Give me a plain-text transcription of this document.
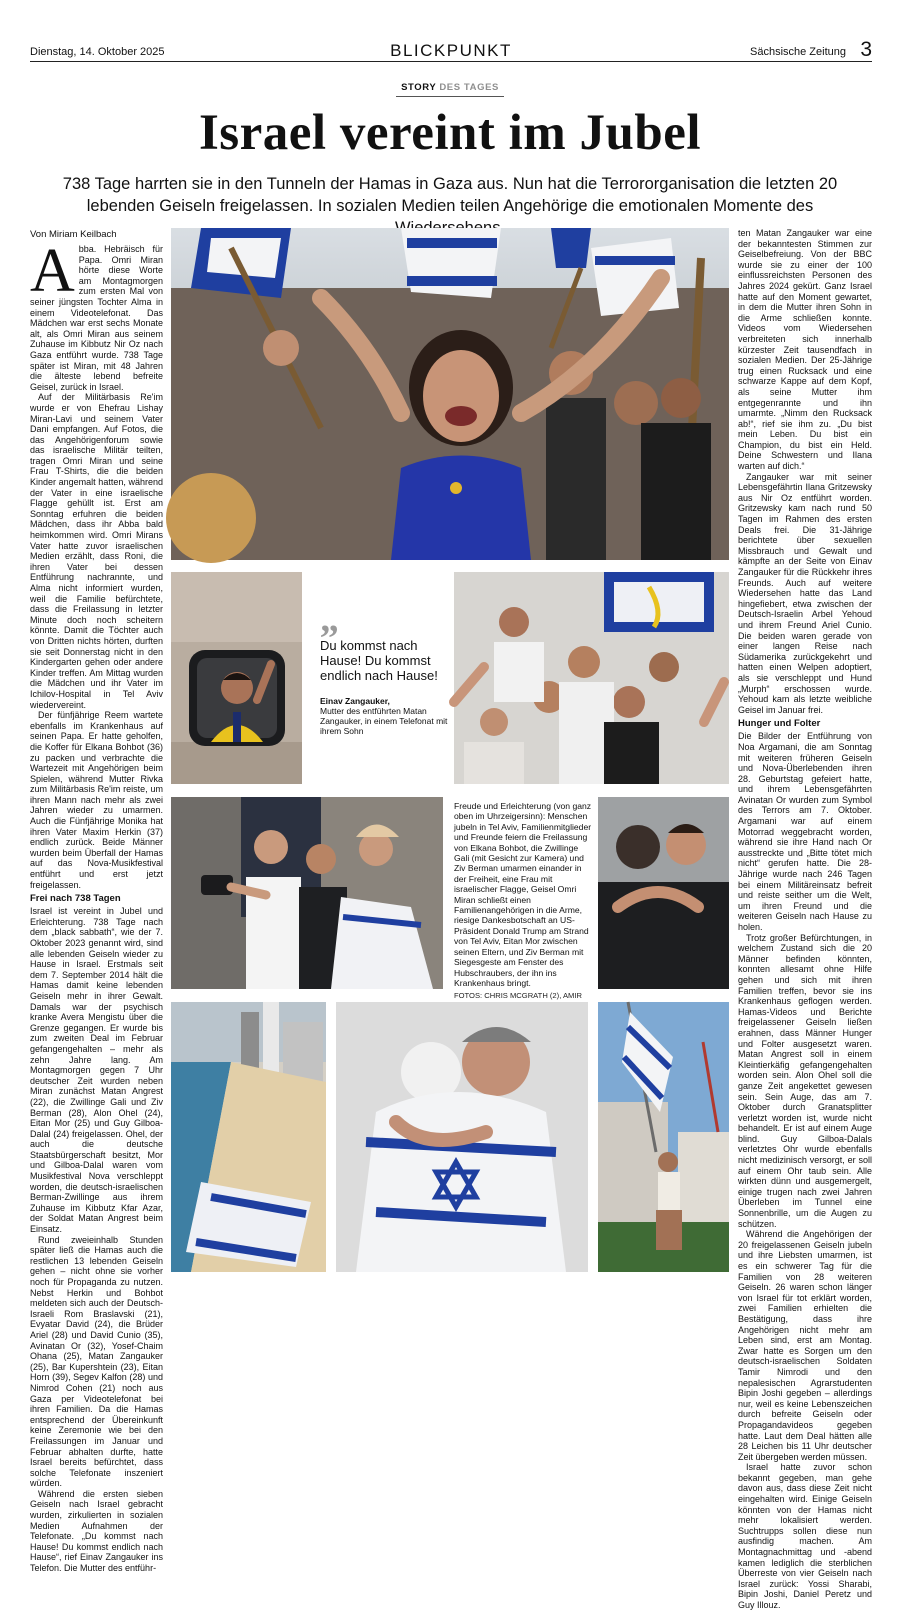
Dienstag, 14. Oktober 2025	BLICKPUNKT	Sächsische Zeitung 3
STORY DES TAGES
Israel vereint im Jubel
738 Tage harrten sie in den Tunneln der Hamas in Gaza aus. Nun hat die Terrororganisation die letzten 20 lebenden Geiseln freigelassen. In sozialen Medien teilen Angehörige die emotionalen Momente des
Von Miriam Keilbach

Abba. Hebräisch für Papa. Omri Miran hörte diese Worte am Montagmorgen zum ersten Mal von seiner jüngsten Tochter Alma in einem Videotelefonat. Das Mädchen war erst sechs Monate alt, als Omri Miran aus seinem Zuhause im Kibbutz Nir Oz nach Gaza entführt wurde. 738 Tage später ist Miran, mit 48 Jahren die älteste lebend befreite Geisel, zurück in Israel.

Auf der Militärbasis Re'im wurde er von Ehefrau Lishay Miran-Lavi und seinem Vater Dani empfangen. Auf Fotos, die das Angehörigenforum sowie das israelische Militär teilten, tragen Omri Miran und seine Frau T-Shirts, die die beiden Kinder angemalt hatten, während der Vater in eine israelische Flagge gehüllt ist. Erst am Sonntag erfuhren die beiden Mädchen, dass ihr Abba bald heimkommen wird. Omri Mirans Vater hatte zuvor israelischen Medien erzählt, dass Roni, die ihren Vater bei dessen Entführung nachrannte, und Alma nicht informiert wurden, weil die Familie befürchtete, dass die Freilassung in letzter Minute doch noch scheitern könnte. Damit die Töchter auch von Dritten nichts hörten, durften sie seit Donnerstag nicht in den Kindergarten gehen oder andere Kinder treffen. Am Mittag wurden die Mädchen und ihr Vater im Ichilov-Hospital in Tel Aviv wiedervereint.

Der fünfjährige Reem wartete ebenfalls im Krankenhaus auf seinen Papa. Er hatte geholfen, die Koffer für Elkana Bohbot (36) zu packen und verbrachte die Wartezeit mit Angehörigen beim Spielen, während Mutter Rivka zum Militärbasis Re'im reiste, um ihren Mann nach mehr als zwei Jahren wieder zu umarmen. Auch die Fünfjährige Monika hat ihren Vater Maxim Herkin (37) endlich zurück. Beide Männer wurden beim Überfall der Hamas auf das Nova-Musikfestival entführt und erst jetzt freigelassen.

Frei nach 738 Tagen

Israel ist vereint in Jubel und Erleichterung. 738 Tage nach dem „black sabbath“, wie der 7. Oktober 2023 genannt wird, sind alle lebenden Geiseln wieder zu Hause in Israel. Erstmals seit dem 7. September 2014 hält die Hamas damit keine lebenden Geiseln mehr in ihrer Gewalt. Damals war der psychisch kranke Avera Mengistu über die Grenze gegangen. Er wurde bis zum zweiten Deal im Februar gefangengehalten – mehr als zehn Jahre lang. Am Montagmorgen gegen 7 Uhr deutscher Zeit wurden neben Miran zunächst Matan Angrest (22), die Zwillinge Gali und Ziv Berman (28), Alon Ohel (24), Eitan Mor (25) und Guy Gilboa-Dalal (24) freigelassen. Ohel, der auch die deutsche Staatsbürgerschaft besitzt, Mor und Gilboa-Dalal waren vom Musikfestival Nova verschleppt worden, die deutsch-israelischen Berman-Zwillinge aus ihrem Zuhause im Kibbutz Kfar Azar, der Soldat Matan Angrest beim Einsatz.

Rund zweieinhalb Stunden später ließ die Hamas auch die restlichen 13 lebenden Geiseln gehen – nicht ohne sie vorher noch für Propaganda zu nutzen. Nebst Herkin und Bohbot meldeten sich auch der Deutsch-Israeli Rom Braslavski (21), Evyatar David (24), die Brüder Ariel (28) und David Cunio (35), Avinatan Or (32), Yosef-Chaim Ohana (25), Matan Zangauker (25), Bar Kupershtein (23), Eitan Horn (39), Segev Kalfon (28) und Nimrod Cohen (21) noch aus Gaza per Videotelefonat bei ihren Familien. Da die Hamas entsprechend der Übereinkunft keine Zeremonie wie bei den Freilassungen im Januar und Februar abhalten durfte, hatte Israel bereits befürchtet, dass solche Telefonate inszeniert würden.

Während die ersten sieben Geiseln nach Israel gebracht wurden, zirkulierten in sozialen Medien Aufnahmen der Telefonate. „Du kommst nach Hause! Du kommst endlich nach Hause“, rief Einav Zangauker ins Telefon. Die Mutter des entführ-

ten Matan Zangauker war eine der bekanntesten Stimmen zur Geiselbefreiung. Von der BBC wurde sie zu einer der 100 einflussreichsten Personen des Jahres 2024 gekürt. Ganz Israel hatte auf den Moment gewartet, in dem die Mutter ihren Sohn in die Arme schließen konnte. Videos vom Wiedersehen verbreiteten sich innerhalb kürzester Zeit tausendfach in sozialen Medien. Der 25-Jährige trug einen Rucksack und eine schwarze Kappe auf dem Kopf, als seine Mutter ihm entgegenrannte und ihn umarmte. „Nimm den Rucksack ab!“, rief sie ihm zu. „Du bist mein Leben. Du bist ein Champion, du bist ein Held. Deine Schwestern und Ilana warten auf dich.“

Zangauker war mit seiner Lebensgefährtin Ilana Gritzewsky aus Nir Oz entführt worden. Gritzewsky kam nach rund 50 Tagen im Rahmen des ersten Deals frei. Die 31-Jährige berichtete über sexuellen Missbrauch und Gewalt und kämpfte an der Seite von Einav Zangauker für die Rückkehr ihres Freunds. Auch auf weitere Wiedersehen hatte das Land hingefiebert, etwa zwischen der Deutsch-Israelin Arbel Yehoud und ihrem Freund Ariel Cunio. Die beiden waren gerade von einer langen Reise nach Südamerika zurückgekehrt und hatten einen Welpen adoptiert, als sie verschleppt und Hund „Murph“ erschossen wurde. Yehoud kam als letzte weibliche Geisel im Januar frei.

Hunger und Folter

Die Bilder der Entführung von Noa Argamani, die am Sonntag mit weiteren früheren Geiseln und Nova-Überlebenden ihren 28. Geburtstag gefeiert hatte, und ihrem Lebensgefährten Avinatan Or wurden zum Symbol des Terrors am 7. Oktober. Argamani war auf einem Motorrad weggebracht worden, während sie ihre Hand nach Or ausstreckte und „Bitte tötet mich nicht“ gerufen hatte. Die 28-Jährige wurde nach 246 Tagen bei einem Militäreinsatz befreit und reiste seither um die Welt, um ihren Freund und die weiteren Geiseln nach Hause zu holen.

Trotz großer Befürchtungen, in welchem Zustand sich die 20 Männer befinden könnten, konnten allesamt ohne Hilfe gehen und sich mit ihren Familien treffen, bevor sie ins Krankenhaus geflogen werden. Hamas-Videos und Berichte freigelassener Geiseln ließen erahnen, dass Männer Hunger und Folter ausgesetzt waren. Matan Angrest soll in einem Kleintierkäfig gefangengehalten worden sein. Alon Ohel soll die ganze Zeit angekettet gewesen sein. Sein Auge, das am 7. Oktober durch Granatsplitter verletzt worden ist, wurde nicht behandelt. Er ist auf einem Auge blind. Guy Gilboa-Dalals verletztes Ohr wurde ebenfalls nicht medizinisch versorgt, er soll auf einem Ohr taub sein. Alle wirkten dünn und ausgemergelt, einige trugen nach zwei Jahren Überleben im Tunnel eine Sonnenbrille, um die Augen zu schützen.

Während die Angehörigen der 20 freigelassenen Geiseln jubeln und ihre Liebsten umarmen, ist es ein schwerer Tag für die Familien von 28 weiteren Geiseln. 26 waren schon länger von Israel für tot erklärt worden, zwei Familien erhielten die Bestätigung, dass ihre Angehörigen nicht mehr am Leben sind, erst am Montag. Zwar hatte es Sorgen um den deutsch-israelischen Soldaten Tamir Nimrodi und den nepalesischen Agrarstudenten Bipin Joshi gegeben – allerdings nur, weil es keine Lebenszeichen durch befreite Geiseln oder Propagandavideos gegeben hatte. Laut dem Deal hätten alle 28 Leichen bis 11 Uhr deutscher Zeit übergeben werden müssen.

Israel hatte zuvor schon bekannt gegeben, man gehe davon aus, dass diese Zeit nicht eingehalten wird. Einige Geiseln könnten von der Hamas nicht mehr lokalisiert werden. Suchtrupps sollen diese nun ausfindig machen. Am Montagnachmittag und -abend kamen lediglich die sterblichen Überreste von vier Geiseln nach Israel zurück: Yossi Sharabi, Bipin Joshi, Daniel Peretz und Guy Illouz.

„
Du kommst nach Hause! Du kommst endlich nach Hause!
Einav Zangauker,
Mutter des entführten Matan Zangauker, in einem Telefonat mit ihrem Sohn
Freude und Erleichterung (von ganz oben im Uhrzeigersinn): Menschen jubeln in Tel Aviv, Familienmitglieder und Freunde feiern die Freilassung von Elkana Bohbot, die Zwillinge Gali (mit Gesicht zur Kamera) und Ziv Berman umarmen einander in der Freiheit, eine Frau mit israelischer Flagge, Geisel Omri Miran schließt einen Familienangehörigen in die Arme, riesige Dankesbotschaft an US-Präsident Donald Trump am Strand von Tel Aviv, Eitan Mor zwischen seinen Eltern, und Ziv Berman mit Siegesgeste am Fenster des Hubschraubers, der ihn ins Krankenhaus bringt.
FOTOS: CHRIS MCGRATH (2), AMIR
